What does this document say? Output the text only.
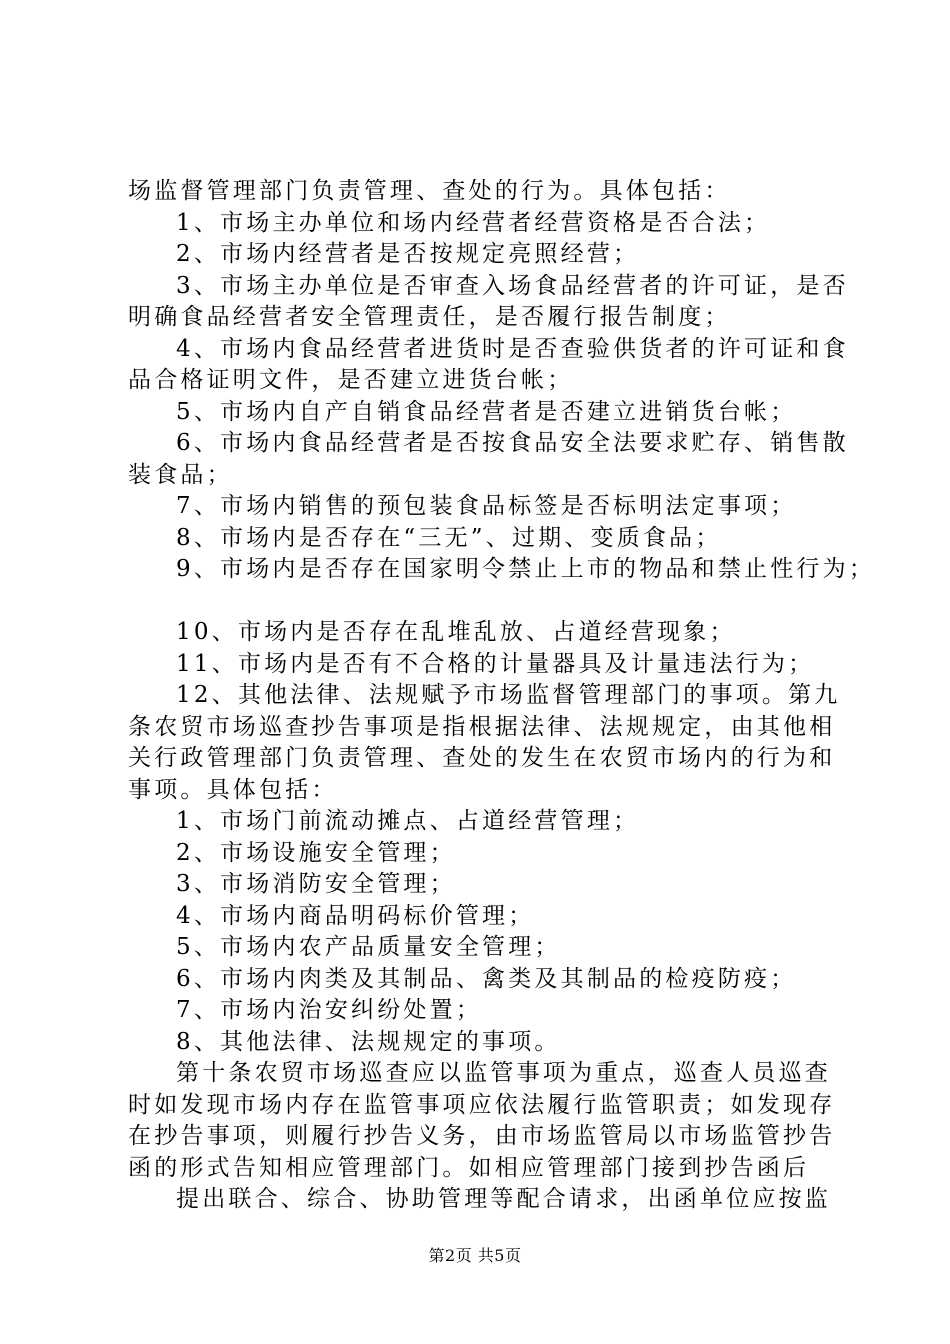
场监督管理部门负责管理、查处的行为。具体包括：
1、市场主办单位和场内经营者经营资格是否合法；
2、市场内经营者是否按规定亮照经营；
3、市场主办单位是否审查入场食品经营者的许可证，是否
明确食品经营者安全管理责任，是否履行报告制度；
4、市场内食品经营者进货时是否查验供货者的许可证和食
品合格证明文件，是否建立进货台帐；
5、市场内自产自销食品经营者是否建立进销货台帐；
6、市场内食品经营者是否按食品安全法要求贮存、销售散
装食品；
7、市场内销售的预包装食品标签是否标明法定事项；
8、市场内是否存在“三无”、过期、变质食品；
9、市场内是否存在国家明令禁止上市的物品和禁止性行为；
10、市场内是否存在乱堆乱放、占道经营现象；
11、市场内是否有不合格的计量器具及计量违法行为；
12、其他法律、法规赋予市场监督管理部门的事项。第九
条农贸市场巡查抄告事项是指根据法律、法规规定，由其他相
关行政管理部门负责管理、查处的发生在农贸市场内的行为和
事项。具体包括：
1、市场门前流动摊点、占道经营管理；
2、市场设施安全管理；
3、市场消防安全管理；
4、市场内商品明码标价管理；
5、市场内农产品质量安全管理；
6、市场内肉类及其制品、禽类及其制品的检疫防疫；
7、市场内治安纠纷处置；
8、其他法律、法规规定的事项。
第十条农贸市场巡查应以监管事项为重点，巡查人员巡查
时如发现市场内存在监管事项应依法履行监管职责；如发现存
在抄告事项，则履行抄告义务，由市场监管局以市场监管抄告
函的形式告知相应管理部门。如相应管理部门接到抄告函后
提出联合、综合、协助管理等配合请求，出函单位应按监
第2页 共5页
